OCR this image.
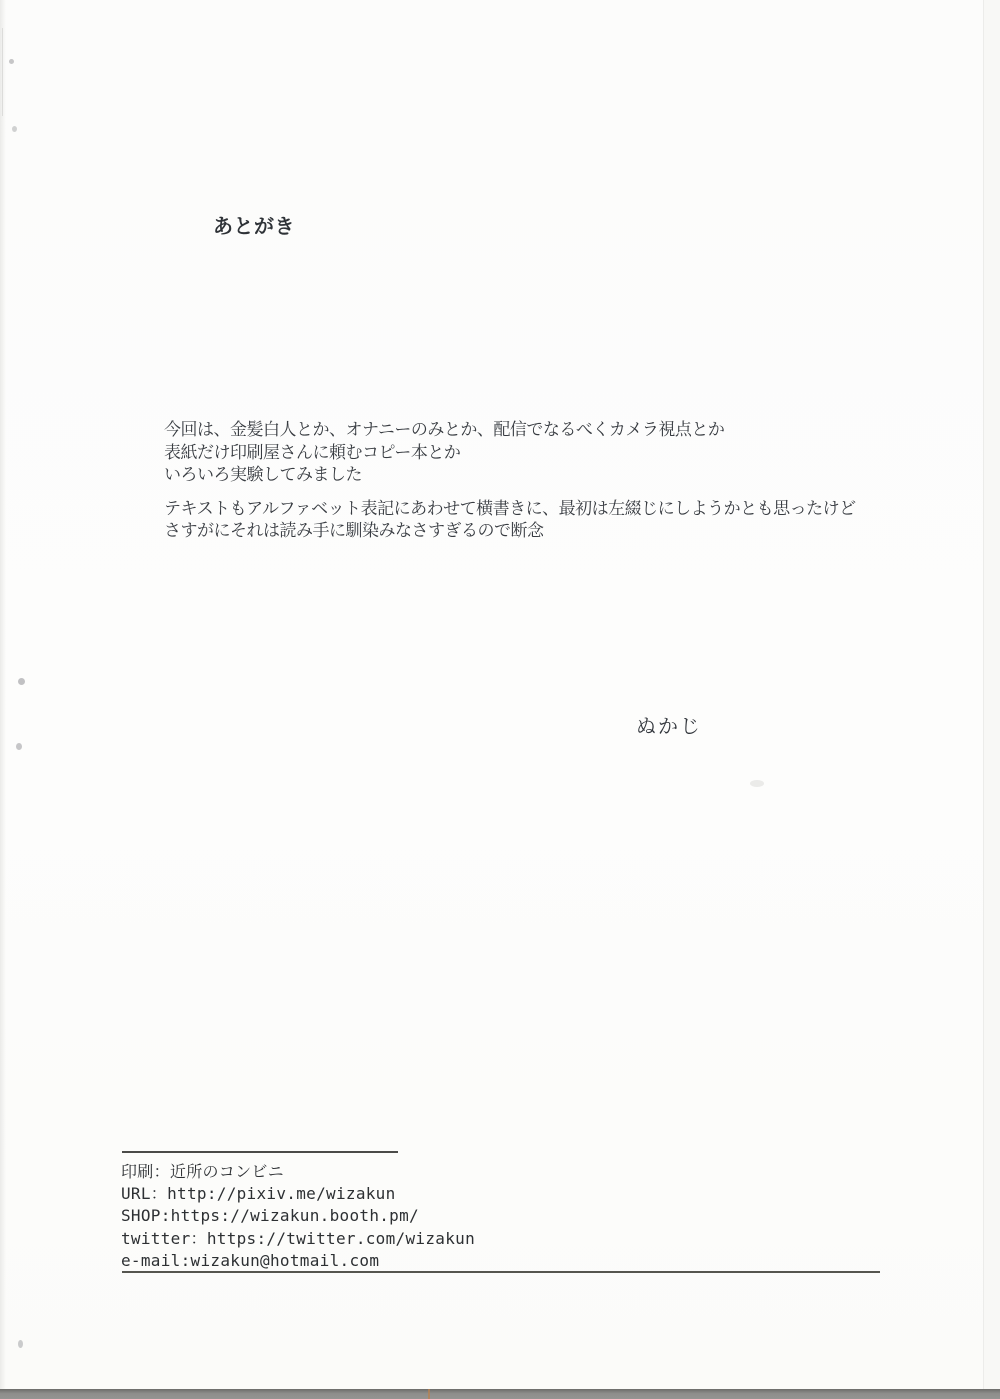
あとがき

今回は、金髪白人とか、オナニーのみとか、配信でなるべくカメラ視点とか
表紙だけ印刷屋さんに頼むコピー本とか
いろいろ実験してみました

テキストもアルファベット表記にあわせて横書きに、最初は左綴じにしようかとも思ったけど
さすがにそれは読み手に馴染みなさすぎるので断念

ぬかじ
印刷：近所のコンビニ
URL：http://pixiv.me/wizakun
SHOP:https://wizakun.booth.pm/
twitter：https://twitter.com/wizakun
e-mail:wizakun@hotmail.com
